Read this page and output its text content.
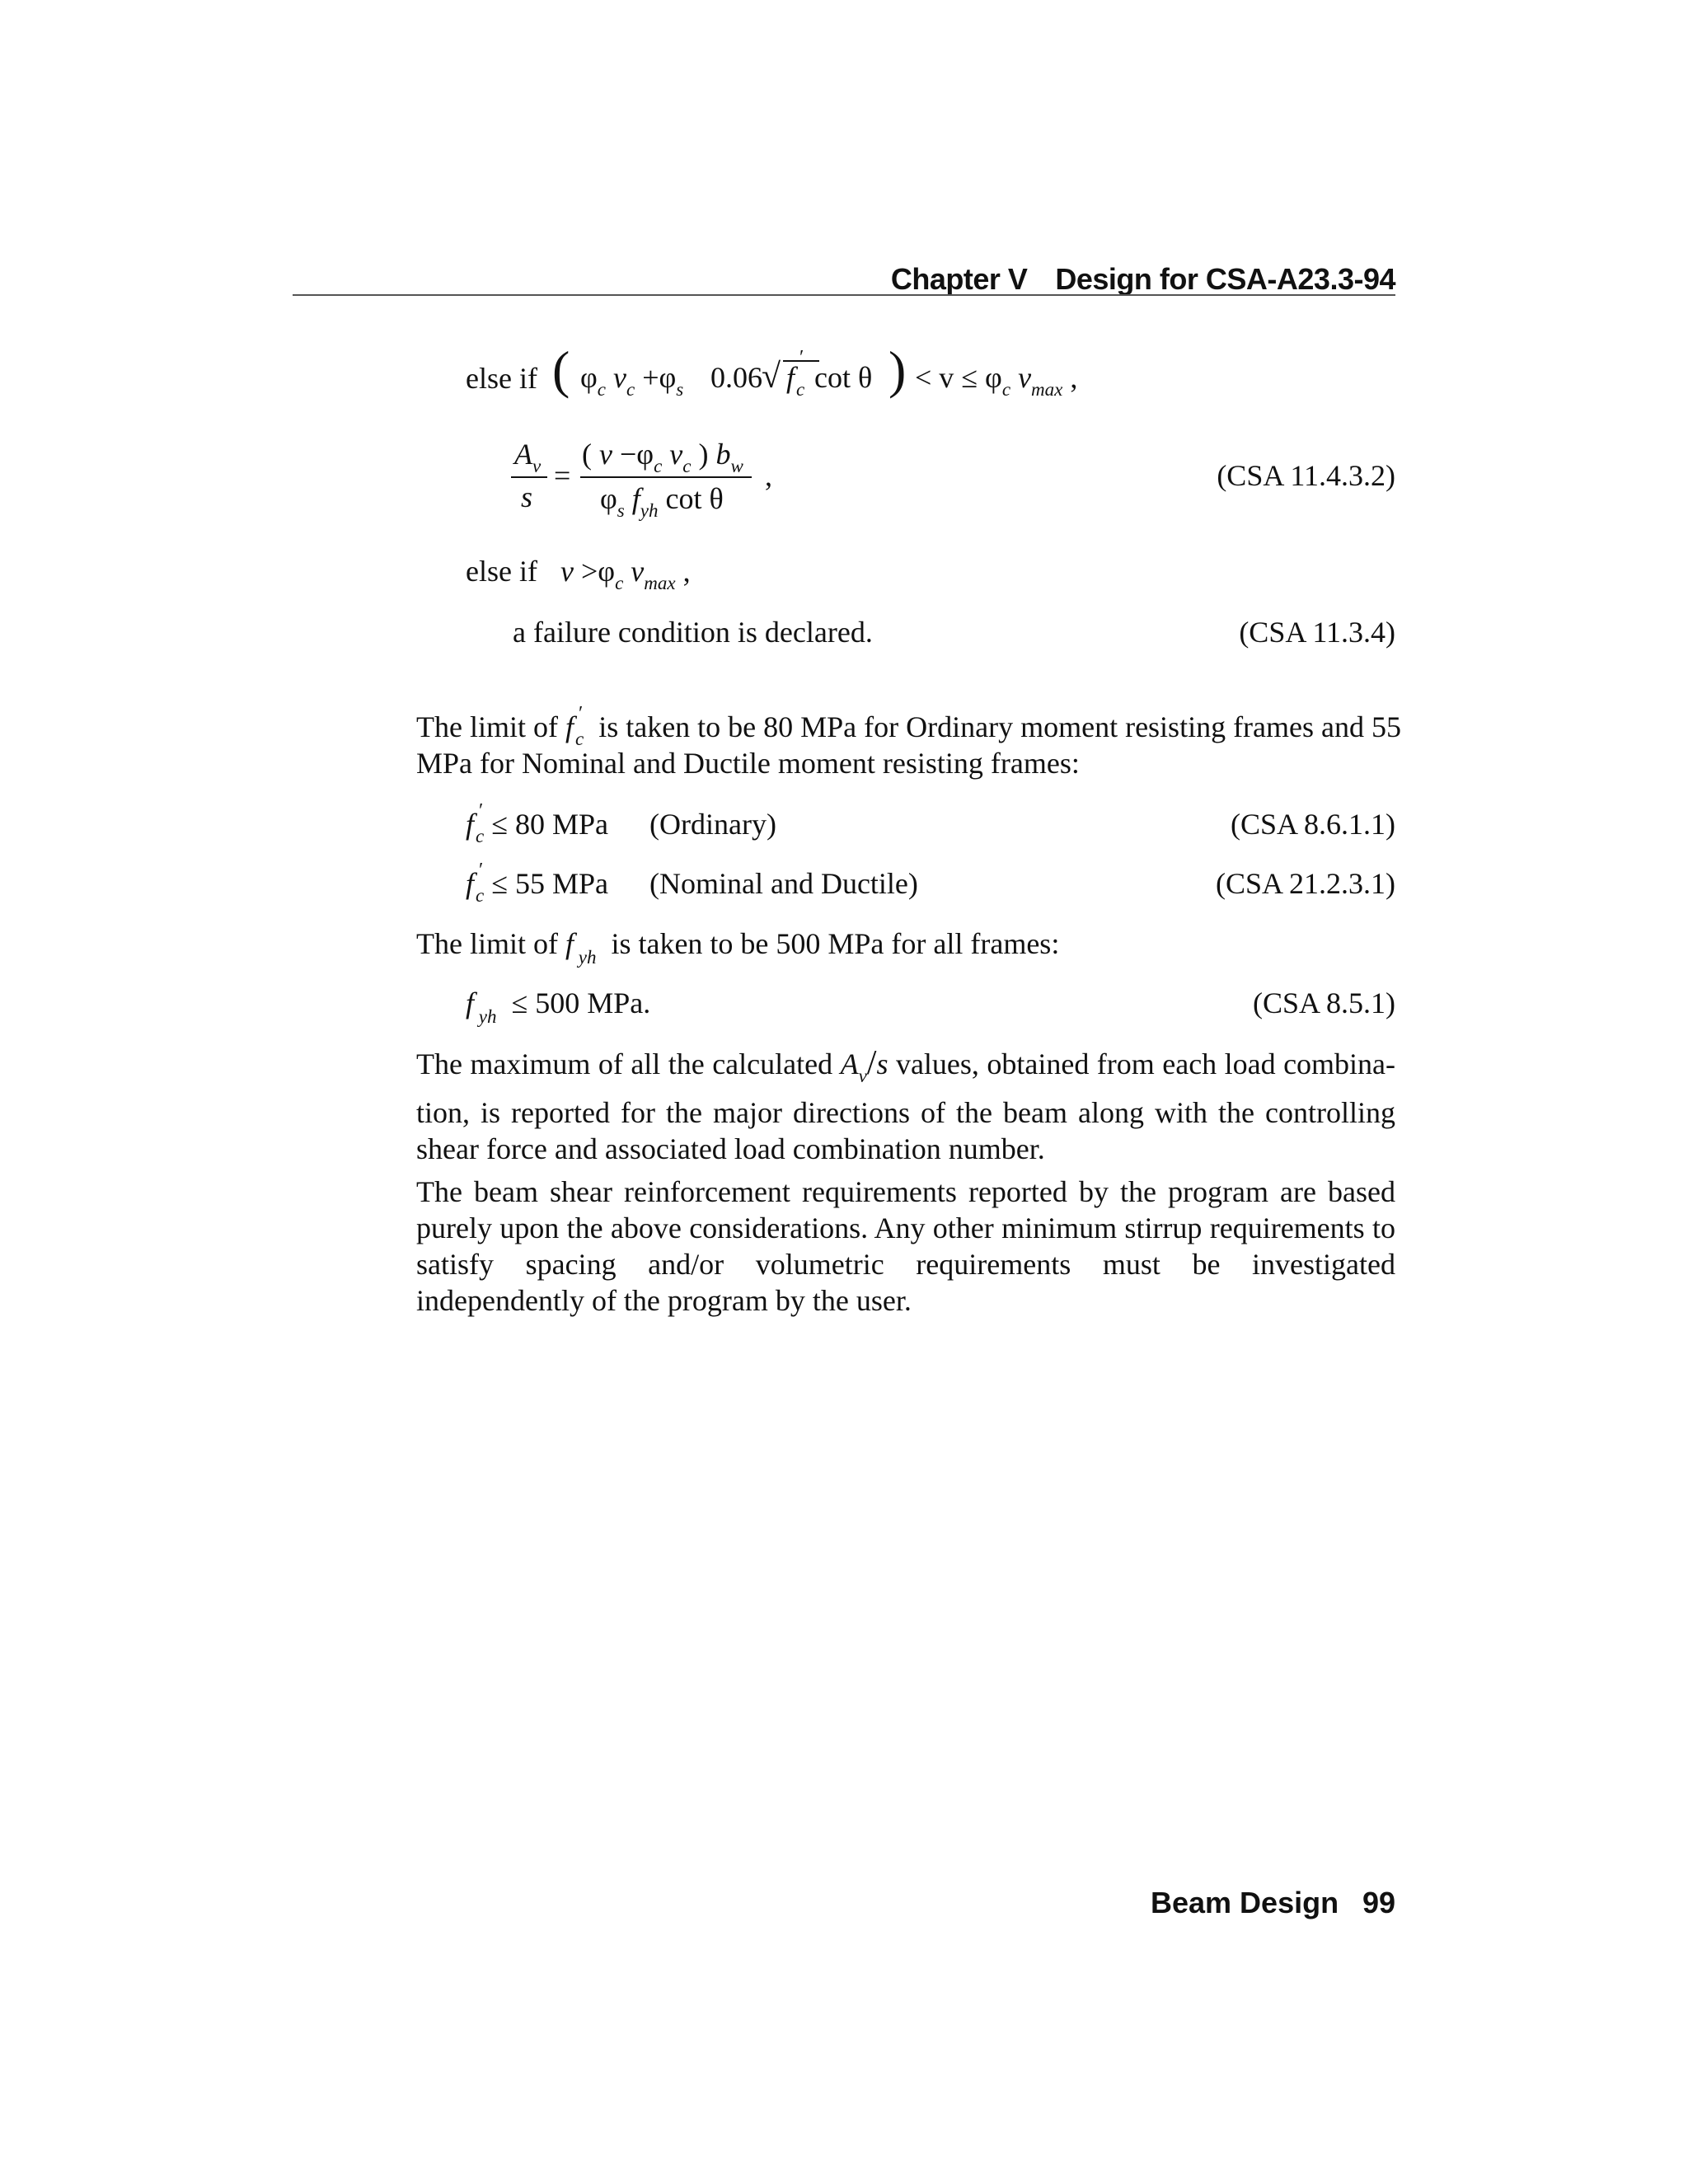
Chapter V Design for CSA-A23.3-94
else if ( $\varphi_c$ $v_c +\varphi_s$ 0.06 √ f
′
$_c$ cot θ ) < $v \le \varphi_c$ $v_{max}$ ,
$A_v$
s
=
( $v -\varphi_c$ $v_c$ ) $b_w$
$\varphi_s$ $f_{yh}$ cot θ
,	(CSA 11.4.3.2)
else if $v >\varphi_c$ $v_{max}$ ,
a failure condition is declared.	(CSA 11.3.4)
The limit of f ′
$_c$ is taken to be 80 MPa for Ordinary moment resisting frames and 55
MPa for Nominal and Ductile moment resisting frames:
f ′
$_c$ ≤ 80 MPa (Ordinary)	(CSA 8.6.1.1)
f ′
$_c$ ≤ 55 MPa (Nominal and Ductile)	(CSA 21.2.3.1)
The limit of f $_{yh}$ is taken to be 500 MPa for all frames:
f $_{yh}$ ≤ 500 MPa.	(CSA 8.5.1)
The maximum of all the calculated $A_v/s$ values, obtained from each load combina-
tion, is reported for the major directions of the beam along with the controlling
shear force and associated load combination number.
The beam shear reinforcement requirements reported by the program are based purely upon the above considerations. Any other minimum stirrup requirements to satisfy spacing and/or volumetric requirements must be investigated independently of the program by the user.
Beam Design 99
